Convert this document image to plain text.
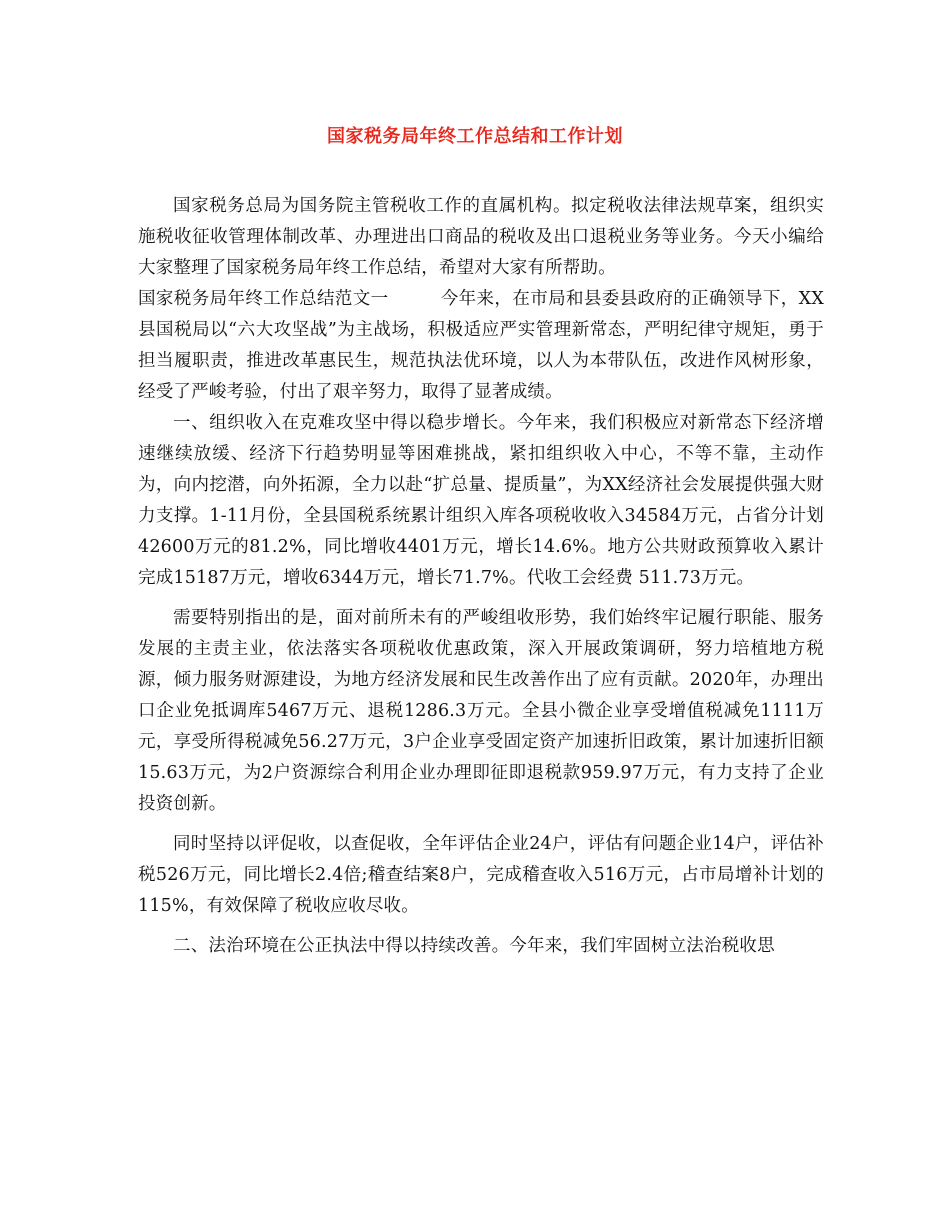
国家税务局年终工作总结和工作计划

国家税务总局为国务院主管税收工作的直属机构。拟定税收法律法规草案，组织实施税收征收管理体制改革、办理进出口商品的税收及出口退税业务等业务。今天小编给大家整理了国家税务局年终工作总结，希望对大家有所帮助。

国家税务局年终工作总结范文一	今年来，在市局和县委县政府的正确领导下，XX县国税局以“六大攻坚战”为主战场，积极适应严实管理新常态，严明纪律守规矩，勇于担当履职责，推进改革惠民生，规范执法优环境，以人为本带队伍，改进作风树形象，经受了严峻考验，付出了艰辛努力，取得了显著成绩。

一、组织收入在克难攻坚中得以稳步增长。今年来，我们积极应对新常态下经济增速继续放缓、经济下行趋势明显等困难挑战，紧扣组织收入中心，不等不靠，主动作为，向内挖潜，向外拓源，全力以赴“扩总量、提质量”，为XX经济社会发展提供强大财力支撑。1-11月份，全县国税系统累计组织入库各项税收收入34584万元，占省分计划42600万元的81.2%，同比增收4401万元，增长14.6%。地方公共财政预算收入累计完成15187万元，增收6344万元，增长71.7%。代收工会经费 511.73万元。

需要特别指出的是，面对前所未有的严峻组收形势，我们始终牢记履行职能、服务发展的主责主业，依法落实各项税收优惠政策，深入开展政策调研，努力培植地方税源，倾力服务财源建设，为地方经济发展和民生改善作出了应有贡献。2020年，办理出口企业免抵调库5467万元、退税1286.3万元。全县小微企业享受增值税减免1111万元，享受所得税减免56.27万元，3户企业享受固定资产加速折旧政策，累计加速折旧额15.63万元，为2户资源综合利用企业办理即征即退税款959.97万元，有力支持了企业投资创新。

同时坚持以评促收，以查促收，全年评估企业24户，评估有问题企业14户，评估补税526万元，同比增长2.4倍;稽查结案8户，完成稽查收入516万元，占市局增补计划的115%，有效保障了税收应收尽收。

二、法治环境在公正执法中得以持续改善。今年来，我们牢固树立法治税收思
